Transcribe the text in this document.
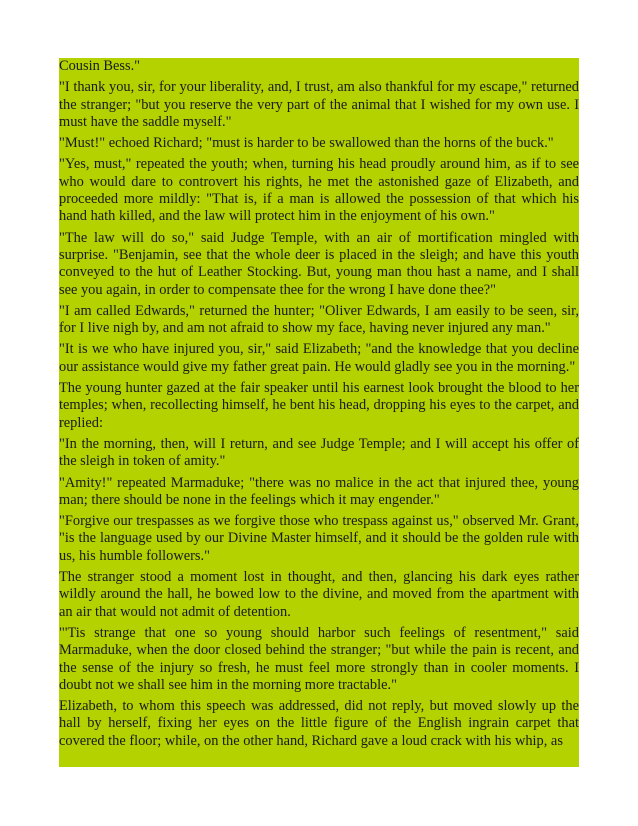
Cousin Bess."

"I thank you, sir, for your liberality, and, I trust, am also thankful for my escape," returned the stranger; "but you reserve the very part of the animal that I wished for my own use. I must have the saddle myself."

"Must!" echoed Richard; "must is harder to be swallowed than the horns of the buck."

"Yes, must," repeated the youth; when, turning his head proudly around him, as if to see who would dare to controvert his rights, he met the astonished gaze of Elizabeth, and proceeded more mildly: "That is, if a man is allowed the possession of that which his hand hath killed, and the law will protect him in the enjoyment of his own."

"The law will do so," said Judge Temple, with an air of mortification mingled with surprise. "Benjamin, see that the whole deer is placed in the sleigh; and have this youth conveyed to the hut of Leather Stocking. But, young man thou hast a name, and I shall see you again, in order to compensate thee for the wrong I have done thee?"

"I am called Edwards," returned the hunter; "Oliver Edwards, I am easily to be seen, sir, for I live nigh by, and am not afraid to show my face, having never injured any man."

"It is we who have injured you, sir," said Elizabeth; "and the knowledge that you decline our assistance would give my father great pain. He would gladly see you in the morning."

The young hunter gazed at the fair speaker until his earnest look brought the blood to her temples; when, recollecting himself, he bent his head, dropping his eyes to the carpet, and replied:

"In the morning, then, will I return, and see Judge Temple; and I will accept his offer of the sleigh in token of amity."

"Amity!" repeated Marmaduke; "there was no malice in the act that injured thee, young man; there should be none in the feelings which it may engender."

"Forgive our trespasses as we forgive those who trespass against us," observed Mr. Grant, "is the language used by our Divine Master himself, and it should be the golden rule with us, his humble followers."

The stranger stood a moment lost in thought, and then, glancing his dark eyes rather wildly around the hall, he bowed low to the divine, and moved from the apartment with an air that would not admit of detention.

"'Tis strange that one so young should harbor such feelings of resentment," said Marmaduke, when the door closed behind the stranger; "but while the pain is recent, and the sense of the injury so fresh, he must feel more strongly than in cooler moments. I doubt not we shall see him in the morning more tractable."

Elizabeth, to whom this speech was addressed, did not reply, but moved slowly up the hall by herself, fixing her eyes on the little figure of the English ingrain carpet that covered the floor; while, on the other hand, Richard gave a loud crack with his whip, as
